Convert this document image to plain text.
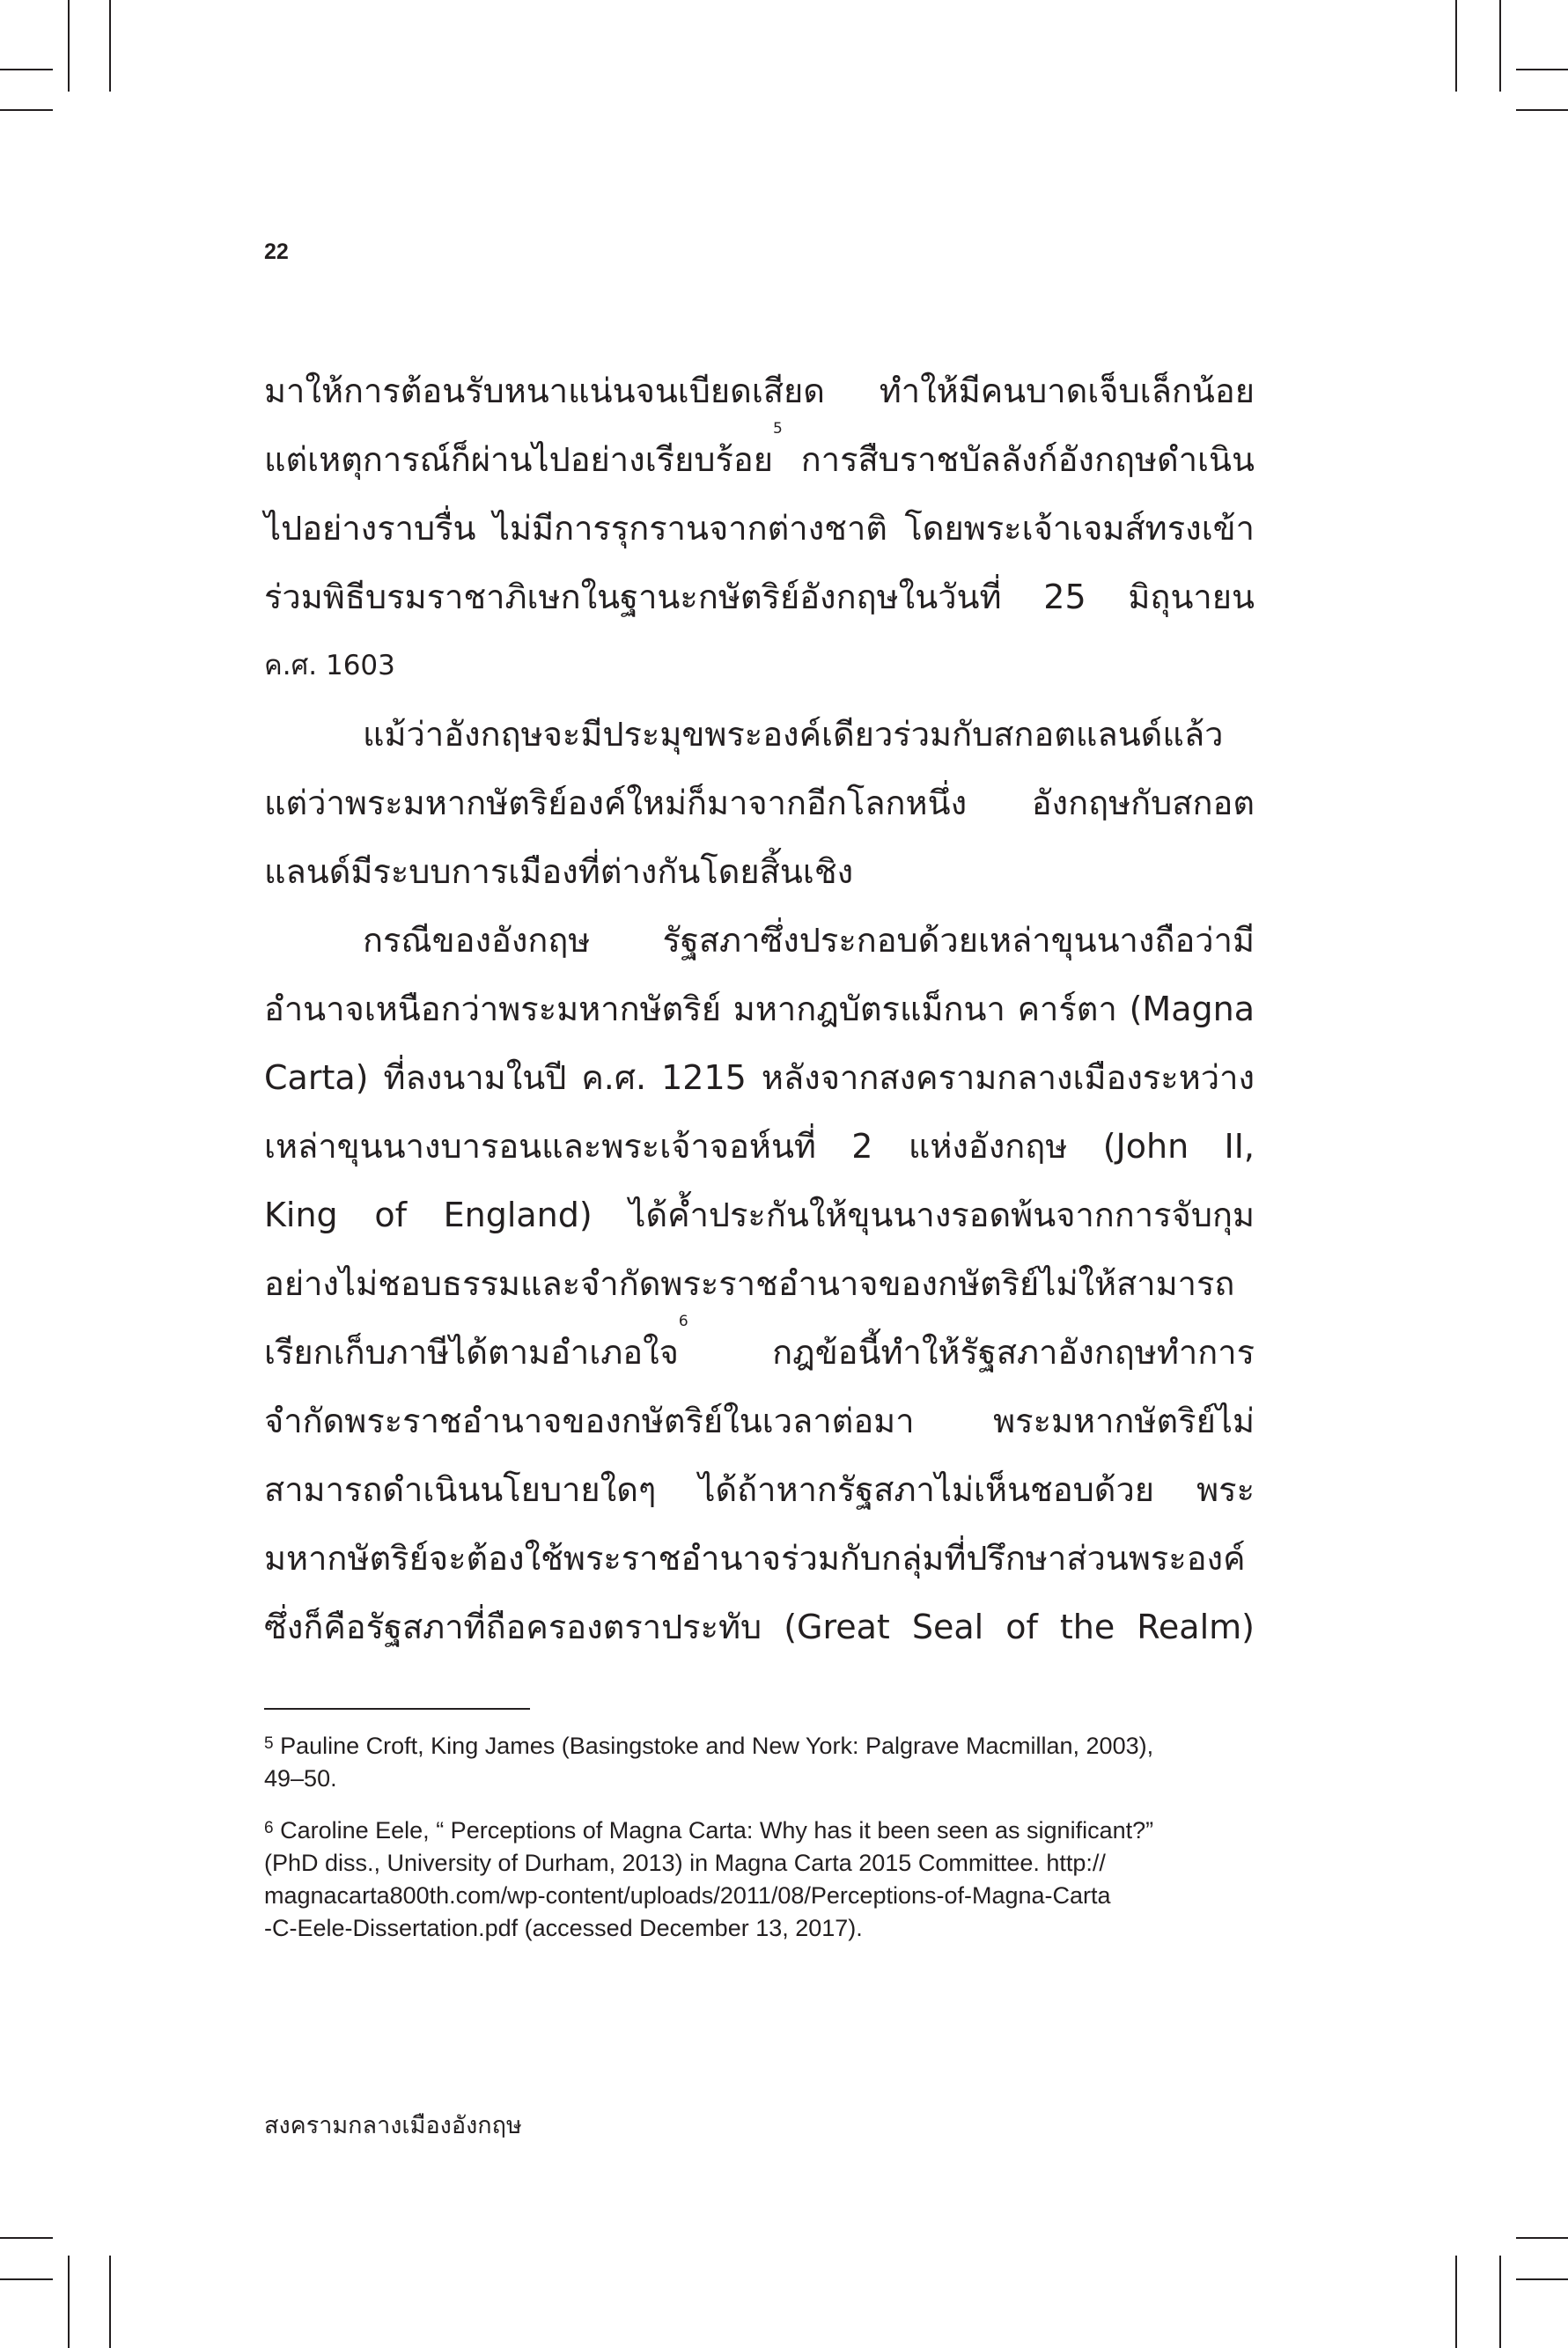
22
มาให้การต้อนรับหนาแน่นจนเบียดเสียด ทำให้มีคนบาดเจ็บเล็กน้อย
แต่เหตุการณ์ก็ผ่านไปอย่างเรียบร้อย$^5$ การสืบราชบัลลังก์อังกฤษดำเนิน
ไปอย่างราบรื่น ไม่มีการรุกรานจากต่างชาติ โดยพระเจ้าเจมส์ทรงเข้า
ร่วมพิธีบรมราชาภิเษกในฐานะกษัตริย์อังกฤษในวันที่ 25 มิถุนายน
ค.ศ. 1603
แม้ว่าอังกฤษจะมีประมุขพระองค์เดียวร่วมกับสกอตแลนด์แล้ว
แต่ว่าพระมหากษัตริย์องค์ใหม่ก็มาจากอีกโลกหนึ่ง อังกฤษกับสกอต
แลนด์มีระบบการเมืองที่ต่างกันโดยสิ้นเชิง
กรณีของอังกฤษ รัฐสภาซึ่งประกอบด้วยเหล่าขุนนางถือว่ามี
อำนาจเหนือกว่าพระมหากษัตริย์ มหากฎบัตรแม็กนา คาร์ตา (Magna
Carta) ที่ลงนามในปี ค.ศ. 1215 หลังจากสงครามกลางเมืองระหว่าง
เหล่าขุนนางบารอนและพระเจ้าจอห์นที่ 2 แห่งอังกฤษ (John II,
King of England) ได้ค้ำประกันให้ขุนนางรอดพ้นจากการจับกุม
อย่างไม่ชอบธรรมและจำกัดพระราชอำนาจของกษัตริย์ไม่ให้สามารถ
เรียกเก็บภาษีได้ตามอำเภอใจ$^6$ กฎข้อนี้ทำให้รัฐสภาอังกฤษทำการ
จำกัดพระราชอำนาจของกษัตริย์ในเวลาต่อมา พระมหากษัตริย์ไม่
สามารถดำเนินนโยบายใดๆ ได้ถ้าหากรัฐสภาไม่เห็นชอบด้วย พระ
มหากษัตริย์จะต้องใช้พระราชอำนาจร่วมกับกลุ่มที่ปรึกษาส่วนพระองค์
ซึ่งก็คือรัฐสภาที่ถือครองตราประทับ (Great Seal of the Realm)
$^5$ Pauline Croft, King James (Basingstoke and New York: Palgrave Macmillan, 2003),
49–50.
$^6$ Caroline Eele, “ Perceptions of Magna Carta: Why has it been seen as significant?”
(PhD diss., University of Durham, 2013) in Magna Carta 2015 Committee. http://
magnacarta800th.com/wp-content/uploads/2011/08/Perceptions-of-Magna-Carta
-C-Eele-Dissertation.pdf (accessed December 13, 2017).
สงครามกลางเมืองอังกฤษ
